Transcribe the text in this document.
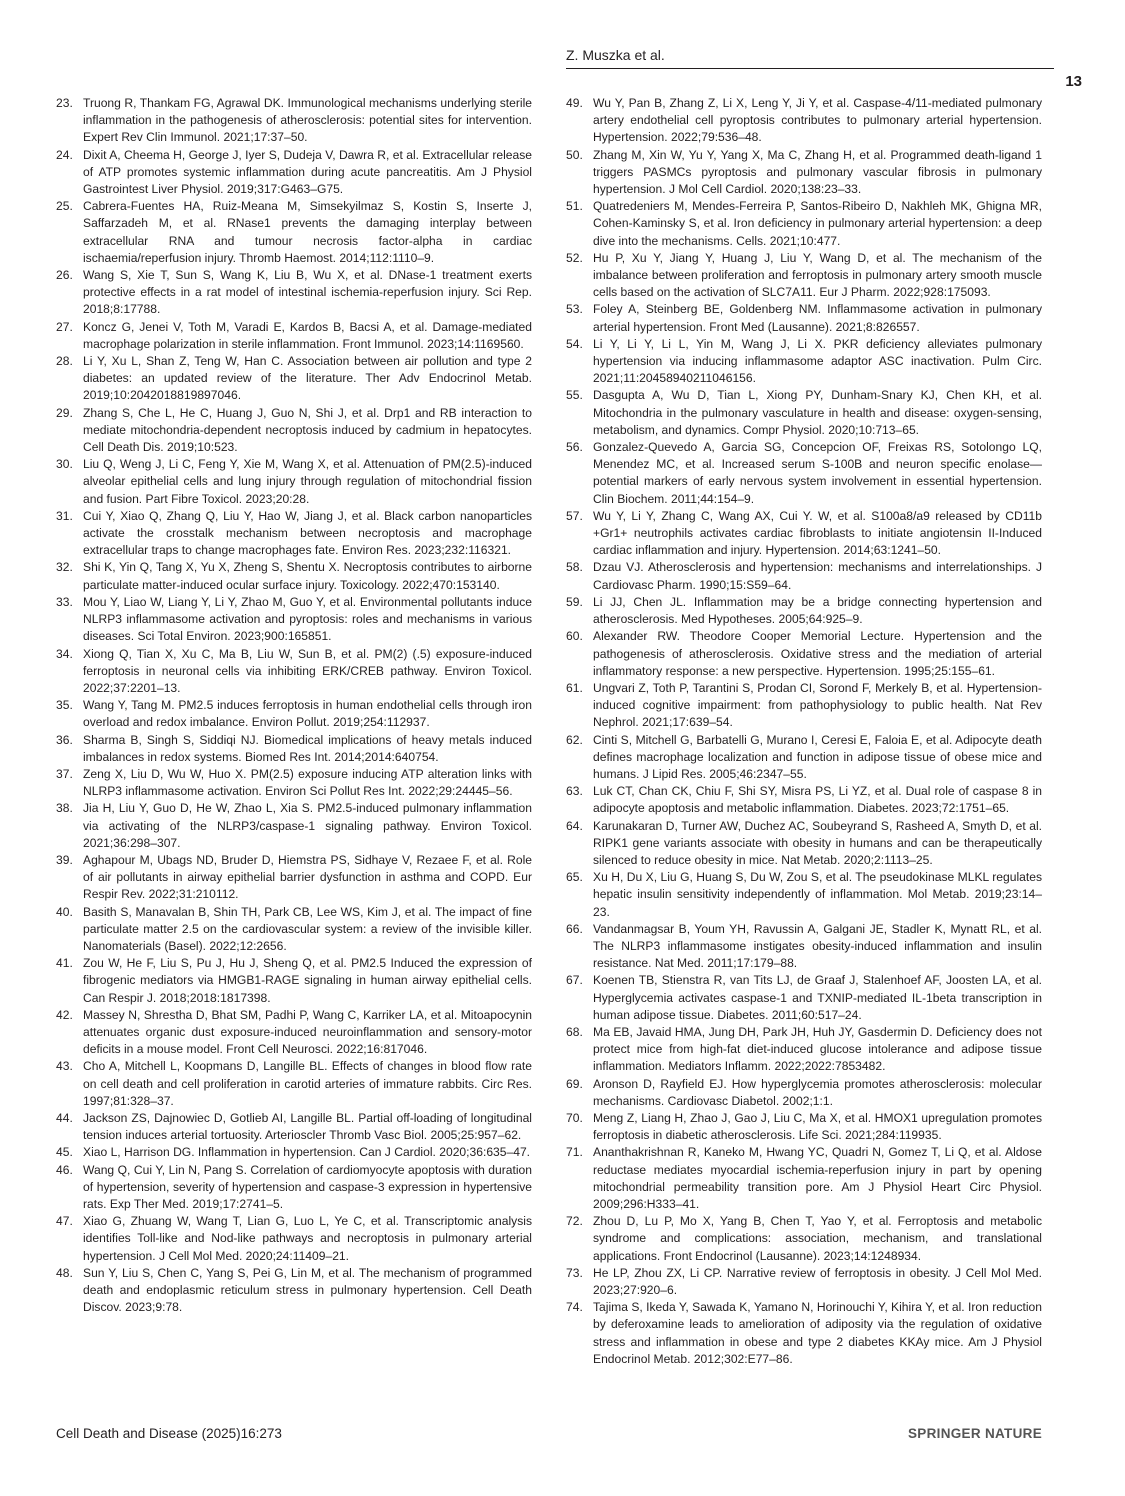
Z. Muszka et al.
13
23. Truong R, Thankam FG, Agrawal DK. Immunological mechanisms underlying sterile inflammation in the pathogenesis of atherosclerosis: potential sites for intervention. Expert Rev Clin Immunol. 2021;17:37–50.
24. Dixit A, Cheema H, George J, Iyer S, Dudeja V, Dawra R, et al. Extracellular release of ATP promotes systemic inflammation during acute pancreatitis. Am J Physiol Gastrointest Liver Physiol. 2019;317:G463–G75.
25. Cabrera-Fuentes HA, Ruiz-Meana M, Simsekyilmaz S, Kostin S, Inserte J, Saffarzadeh M, et al. RNase1 prevents the damaging interplay between extracellular RNA and tumour necrosis factor-alpha in cardiac ischaemia/reperfusion injury. Thromb Haemost. 2014;112:1110–9.
26. Wang S, Xie T, Sun S, Wang K, Liu B, Wu X, et al. DNase-1 treatment exerts protective effects in a rat model of intestinal ischemia-reperfusion injury. Sci Rep. 2018;8:17788.
27. Koncz G, Jenei V, Toth M, Varadi E, Kardos B, Bacsi A, et al. Damage-mediated macrophage polarization in sterile inflammation. Front Immunol. 2023;14:1169560.
28. Li Y, Xu L, Shan Z, Teng W, Han C. Association between air pollution and type 2 diabetes: an updated review of the literature. Ther Adv Endocrinol Metab. 2019;10:2042018819897046.
29. Zhang S, Che L, He C, Huang J, Guo N, Shi J, et al. Drp1 and RB interaction to mediate mitochondria-dependent necroptosis induced by cadmium in hepatocytes. Cell Death Dis. 2019;10:523.
30. Liu Q, Weng J, Li C, Feng Y, Xie M, Wang X, et al. Attenuation of PM(2.5)-induced alveolar epithelial cells and lung injury through regulation of mitochondrial fission and fusion. Part Fibre Toxicol. 2023;20:28.
31. Cui Y, Xiao Q, Zhang Q, Liu Y, Hao W, Jiang J, et al. Black carbon nanoparticles activate the crosstalk mechanism between necroptosis and macrophage extracellular traps to change macrophages fate. Environ Res. 2023;232:116321.
32. Shi K, Yin Q, Tang X, Yu X, Zheng S, Shentu X. Necroptosis contributes to airborne particulate matter-induced ocular surface injury. Toxicology. 2022;470:153140.
33. Mou Y, Liao W, Liang Y, Li Y, Zhao M, Guo Y, et al. Environmental pollutants induce NLRP3 inflammasome activation and pyroptosis: roles and mechanisms in various diseases. Sci Total Environ. 2023;900:165851.
34. Xiong Q, Tian X, Xu C, Ma B, Liu W, Sun B, et al. PM(2) (.5) exposure-induced ferroptosis in neuronal cells via inhibiting ERK/CREB pathway. Environ Toxicol. 2022;37:2201–13.
35. Wang Y, Tang M. PM2.5 induces ferroptosis in human endothelial cells through iron overload and redox imbalance. Environ Pollut. 2019;254:112937.
36. Sharma B, Singh S, Siddiqi NJ. Biomedical implications of heavy metals induced imbalances in redox systems. Biomed Res Int. 2014;2014:640754.
37. Zeng X, Liu D, Wu W, Huo X. PM(2.5) exposure inducing ATP alteration links with NLRP3 inflammasome activation. Environ Sci Pollut Res Int. 2022;29:24445–56.
38. Jia H, Liu Y, Guo D, He W, Zhao L, Xia S. PM2.5-induced pulmonary inflammation via activating of the NLRP3/caspase-1 signaling pathway. Environ Toxicol. 2021;36:298–307.
39. Aghapour M, Ubags ND, Bruder D, Hiemstra PS, Sidhaye V, Rezaee F, et al. Role of air pollutants in airway epithelial barrier dysfunction in asthma and COPD. Eur Respir Rev. 2022;31:210112.
40. Basith S, Manavalan B, Shin TH, Park CB, Lee WS, Kim J, et al. The impact of fine particulate matter 2.5 on the cardiovascular system: a review of the invisible killer. Nanomaterials (Basel). 2022;12:2656.
41. Zou W, He F, Liu S, Pu J, Hu J, Sheng Q, et al. PM2.5 Induced the expression of fibrogenic mediators via HMGB1-RAGE signaling in human airway epithelial cells. Can Respir J. 2018;2018:1817398.
42. Massey N, Shrestha D, Bhat SM, Padhi P, Wang C, Karriker LA, et al. Mitoapocynin attenuates organic dust exposure-induced neuroinflammation and sensory-motor deficits in a mouse model. Front Cell Neurosci. 2022;16:817046.
43. Cho A, Mitchell L, Koopmans D, Langille BL. Effects of changes in blood flow rate on cell death and cell proliferation in carotid arteries of immature rabbits. Circ Res. 1997;81:328–37.
44. Jackson ZS, Dajnowiec D, Gotlieb AI, Langille BL. Partial off-loading of longitudinal tension induces arterial tortuosity. Arterioscler Thromb Vasc Biol. 2005;25:957–62.
45. Xiao L, Harrison DG. Inflammation in hypertension. Can J Cardiol. 2020;36:635–47.
46. Wang Q, Cui Y, Lin N, Pang S. Correlation of cardiomyocyte apoptosis with duration of hypertension, severity of hypertension and caspase-3 expression in hypertensive rats. Exp Ther Med. 2019;17:2741–5.
47. Xiao G, Zhuang W, Wang T, Lian G, Luo L, Ye C, et al. Transcriptomic analysis identifies Toll-like and Nod-like pathways and necroptosis in pulmonary arterial hypertension. J Cell Mol Med. 2020;24:11409–21.
48. Sun Y, Liu S, Chen C, Yang S, Pei G, Lin M, et al. The mechanism of programmed death and endoplasmic reticulum stress in pulmonary hypertension. Cell Death Discov. 2023;9:78.
49. Wu Y, Pan B, Zhang Z, Li X, Leng Y, Ji Y, et al. Caspase-4/11-mediated pulmonary artery endothelial cell pyroptosis contributes to pulmonary arterial hypertension. Hypertension. 2022;79:536–48.
50. Zhang M, Xin W, Yu Y, Yang X, Ma C, Zhang H, et al. Programmed death-ligand 1 triggers PASMCs pyroptosis and pulmonary vascular fibrosis in pulmonary hypertension. J Mol Cell Cardiol. 2020;138:23–33.
51. Quatredeniers M, Mendes-Ferreira P, Santos-Ribeiro D, Nakhleh MK, Ghigna MR, Cohen-Kaminsky S, et al. Iron deficiency in pulmonary arterial hypertension: a deep dive into the mechanisms. Cells. 2021;10:477.
52. Hu P, Xu Y, Jiang Y, Huang J, Liu Y, Wang D, et al. The mechanism of the imbalance between proliferation and ferroptosis in pulmonary artery smooth muscle cells based on the activation of SLC7A11. Eur J Pharm. 2022;928:175093.
53. Foley A, Steinberg BE, Goldenberg NM. Inflammasome activation in pulmonary arterial hypertension. Front Med (Lausanne). 2021;8:826557.
54. Li Y, Li Y, Li L, Yin M, Wang J, Li X. PKR deficiency alleviates pulmonary hypertension via inducing inflammasome adaptor ASC inactivation. Pulm Circ. 2021;11:20458940211046156.
55. Dasgupta A, Wu D, Tian L, Xiong PY, Dunham-Snary KJ, Chen KH, et al. Mitochondria in the pulmonary vasculature in health and disease: oxygen-sensing, metabolism, and dynamics. Compr Physiol. 2020;10:713–65.
56. Gonzalez-Quevedo A, Garcia SG, Concepcion OF, Freixas RS, Sotolongo LQ, Menendez MC, et al. Increased serum S-100B and neuron specific enolase—potential markers of early nervous system involvement in essential hypertension. Clin Biochem. 2011;44:154–9.
57. Wu Y, Li Y, Zhang C, Wang AX, Cui Y. W, et al. S100a8/a9 released by CD11b +Gr1+ neutrophils activates cardiac fibroblasts to initiate angiotensin II-Induced cardiac inflammation and injury. Hypertension. 2014;63:1241–50.
58. Dzau VJ. Atherosclerosis and hypertension: mechanisms and interrelationships. J Cardiovasc Pharm. 1990;15:S59–64.
59. Li JJ, Chen JL. Inflammation may be a bridge connecting hypertension and atherosclerosis. Med Hypotheses. 2005;64:925–9.
60. Alexander RW. Theodore Cooper Memorial Lecture. Hypertension and the pathogenesis of atherosclerosis. Oxidative stress and the mediation of arterial inflammatory response: a new perspective. Hypertension. 1995;25:155–61.
61. Ungvari Z, Toth P, Tarantini S, Prodan CI, Sorond F, Merkely B, et al. Hypertension-induced cognitive impairment: from pathophysiology to public health. Nat Rev Nephrol. 2021;17:639–54.
62. Cinti S, Mitchell G, Barbatelli G, Murano I, Ceresi E, Faloia E, et al. Adipocyte death defines macrophage localization and function in adipose tissue of obese mice and humans. J Lipid Res. 2005;46:2347–55.
63. Luk CT, Chan CK, Chiu F, Shi SY, Misra PS, Li YZ, et al. Dual role of caspase 8 in adipocyte apoptosis and metabolic inflammation. Diabetes. 2023;72:1751–65.
64. Karunakaran D, Turner AW, Duchez AC, Soubeyrand S, Rasheed A, Smyth D, et al. RIPK1 gene variants associate with obesity in humans and can be therapeutically silenced to reduce obesity in mice. Nat Metab. 2020;2:1113–25.
65. Xu H, Du X, Liu G, Huang S, Du W, Zou S, et al. The pseudokinase MLKL regulates hepatic insulin sensitivity independently of inflammation. Mol Metab. 2019;23:14–23.
66. Vandanmagsar B, Youm YH, Ravussin A, Galgani JE, Stadler K, Mynatt RL, et al. The NLRP3 inflammasome instigates obesity-induced inflammation and insulin resistance. Nat Med. 2011;17:179–88.
67. Koenen TB, Stienstra R, van Tits LJ, de Graaf J, Stalenhoef AF, Joosten LA, et al. Hyperglycemia activates caspase-1 and TXNIP-mediated IL-1beta transcription in human adipose tissue. Diabetes. 2011;60:517–24.
68. Ma EB, Javaid HMA, Jung DH, Park JH, Huh JY, Gasdermin D. Deficiency does not protect mice from high-fat diet-induced glucose intolerance and adipose tissue inflammation. Mediators Inflamm. 2022;2022:7853482.
69. Aronson D, Rayfield EJ. How hyperglycemia promotes atherosclerosis: molecular mechanisms. Cardiovasc Diabetol. 2002;1:1.
70. Meng Z, Liang H, Zhao J, Gao J, Liu C, Ma X, et al. HMOX1 upregulation promotes ferroptosis in diabetic atherosclerosis. Life Sci. 2021;284:119935.
71. Ananthakrishnan R, Kaneko M, Hwang YC, Quadri N, Gomez T, Li Q, et al. Aldose reductase mediates myocardial ischemia-reperfusion injury in part by opening mitochondrial permeability transition pore. Am J Physiol Heart Circ Physiol. 2009;296:H333–41.
72. Zhou D, Lu P, Mo X, Yang B, Chen T, Yao Y, et al. Ferroptosis and metabolic syndrome and complications: association, mechanism, and translational applications. Front Endocrinol (Lausanne). 2023;14:1248934.
73. He LP, Zhou ZX, Li CP. Narrative review of ferroptosis in obesity. J Cell Mol Med. 2023;27:920–6.
74. Tajima S, Ikeda Y, Sawada K, Yamano N, Horinouchi Y, Kihira Y, et al. Iron reduction by deferoxamine leads to amelioration of adiposity via the regulation of oxidative stress and inflammation in obese and type 2 diabetes KKAy mice. Am J Physiol Endocrinol Metab. 2012;302:E77–86.
Cell Death and Disease (2025)16:273	SPRINGER NATURE
